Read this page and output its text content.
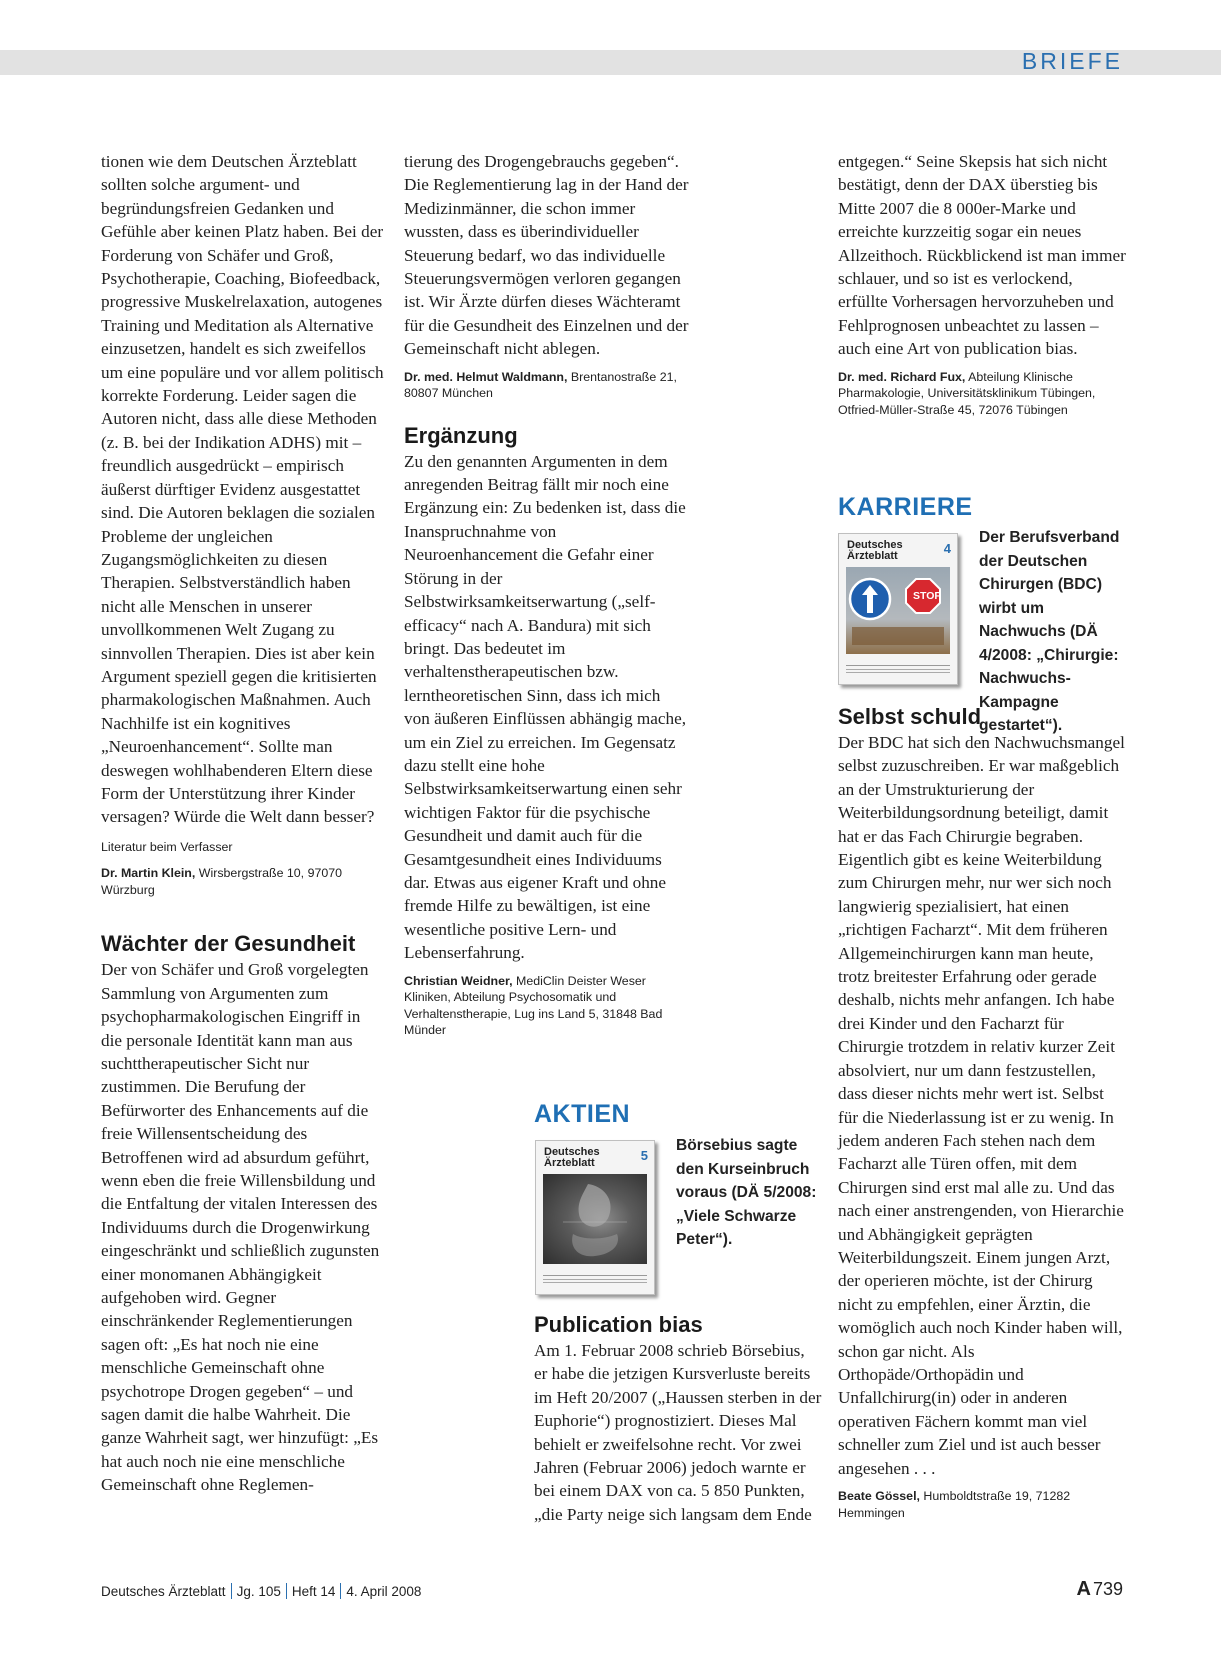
BRIEFE

tionen wie dem Deutschen Ärzteblatt sollten solche argument- und begründungsfreien Gedanken und Gefühle aber keinen Platz haben. Bei der Forderung von Schäfer und Groß, Psychotherapie, Coaching, Biofeedback, progressive Muskelrelaxation, autogenes Training und Meditation als Alternative einzusetzen, handelt es sich zweifellos um eine populäre und vor allem politisch korrekte Forderung. Leider sagen die Autoren nicht, dass alle diese Methoden (z. B. bei der Indikation ADHS) mit – freundlich ausgedrückt – empirisch äußerst dürftiger Evidenz ausgestattet sind. Die Autoren beklagen die sozialen Probleme der ungleichen Zugangsmöglichkeiten zu diesen Therapien. Selbstverständlich haben nicht alle Menschen in unserer unvollkommenen Welt Zugang zu sinnvollen Therapien. Dies ist aber kein Argument speziell gegen die kritisierten pharmakologischen Maßnahmen. Auch Nachhilfe ist ein kognitives „Neuroenhancement“. Sollte man deswegen wohlhabenderen Eltern diese Form der Unterstützung ihrer Kinder versagen? Würde die Welt dann besser?

Literatur beim Verfasser
Dr. Martin Klein, Wirsbergstraße 10, 97070 Würzburg
Wächter der Gesundheit

Der von Schäfer und Groß vorgelegten Sammlung von Argumenten zum psychopharmakologischen Eingriff in die personale Identität kann man aus suchttherapeutischer Sicht nur zustimmen. Die Berufung der Befürworter des Enhancements auf die freie Willensentscheidung des Betroffenen wird ad absurdum geführt, wenn eben die freie Willensbildung und die Entfaltung der vitalen Interessen des Individuums durch die Drogenwirkung eingeschränkt und schließlich zugunsten einer monomanen Abhängigkeit aufgehoben wird. Gegner einschränkender Reglementierungen sagen oft: „Es hat noch nie eine menschliche Gemeinschaft ohne psychotrope Drogen gegeben“ – und sagen damit die halbe Wahrheit. Die ganze Wahrheit sagt, wer hinzufügt: „Es hat auch noch nie eine menschliche Gemeinschaft ohne Reglemen-

tierung des Drogengebrauchs gegeben“. Die Reglementierung lag in der Hand der Medizinmänner, die schon immer wussten, dass es überindividueller Steuerung bedarf, wo das individuelle Steuerungsvermögen verloren gegangen ist. Wir Ärzte dürfen dieses Wächteramt für die Gesundheit des Einzelnen und der Gemeinschaft nicht ablegen.

Dr. med. Helmut Waldmann, Brentanostraße 21, 80807 München
Ergänzung

Zu den genannten Argumenten in dem anregenden Beitrag fällt mir noch eine Ergänzung ein: Zu bedenken ist, dass die Inanspruchnahme von Neuroenhancement die Gefahr einer Störung in der Selbstwirksamkeitserwartung („self-efficacy“ nach A. Bandura) mit sich bringt. Das bedeutet im verhaltenstherapeutischen bzw. lerntheoretischen Sinn, dass ich mich von äußeren Einflüssen abhängig mache, um ein Ziel zu erreichen. Im Gegensatz dazu stellt eine hohe Selbstwirksamkeitserwartung einen sehr wichtigen Faktor für die psychische Gesundheit und damit auch für die Gesamtgesundheit eines Individuums dar. Etwas aus eigener Kraft und ohne fremde Hilfe zu bewältigen, ist eine wesentliche positive Lern- und Lebenserfahrung.

Christian Weidner, MediClin Deister Weser Kliniken, Abteilung Psychosomatik und Verhaltenstherapie, Lug ins Land 5, 31848 Bad Münder
AKTIEN
Deutsches Ärzteblatt	5
Börsebius sagte den Kurseinbruch voraus (DÄ 5/2008: „Viele Schwarze Peter“).
Publication bias

Am 1. Februar 2008 schrieb Börsebius, er habe die jetzigen Kursverluste bereits im Heft 20/2007 („Haussen sterben in der Euphorie“) prognostiziert. Dieses Mal behielt er zweifelsohne recht. Vor zwei Jahren (Februar 2006) jedoch warnte er bei einem DAX von ca. 5 850 Punkten, „die Party neige sich langsam dem Ende

entgegen.“ Seine Skepsis hat sich nicht bestätigt, denn der DAX überstieg bis Mitte 2007 die 8 000er-Marke und erreichte kurzzeitig sogar ein neues Allzeithoch. Rückblickend ist man immer schlauer, und so ist es verlockend, erfüllte Vorhersagen hervorzuheben und Fehlprognosen unbeachtet zu lassen – auch eine Art von publication bias.

Dr. med. Richard Fux, Abteilung Klinische Pharmakologie, Universitätsklinikum Tübingen, Otfried-Müller-Straße 45, 72076 Tübingen
KARRIERE
Deutsches Ärzteblatt	4
STOP
Der Berufsverband der Deutschen Chirurgen (BDC) wirbt um Nachwuchs (DÄ 4/2008: „Chirurgie: Nachwuchs-Kampagne gestartet“).
Selbst schuld

Der BDC hat sich den Nachwuchsmangel selbst zuzuschreiben. Er war maßgeblich an der Umstrukturierung der Weiterbildungsordnung beteiligt, damit hat er das Fach Chirurgie begraben. Eigentlich gibt es keine Weiterbildung zum Chirurgen mehr, nur wer sich noch langwierig spezialisiert, hat einen „richtigen Facharzt“. Mit dem früheren Allgemeinchirurgen kann man heute, trotz breitester Erfahrung oder gerade deshalb, nichts mehr anfangen. Ich habe drei Kinder und den Facharzt für Chirurgie trotzdem in relativ kurzer Zeit absolviert, nur um dann festzustellen, dass dieser nichts mehr wert ist. Selbst für die Niederlassung ist er zu wenig. In jedem anderen Fach stehen nach dem Facharzt alle Türen offen, mit dem Chirurgen sind erst mal alle zu. Und das nach einer anstrengenden, von Hierarchie und Abhängigkeit geprägten Weiterbildungszeit. Einem jungen Arzt, der operieren möchte, ist der Chirurg nicht zu empfehlen, einer Ärztin, die womöglich auch noch Kinder haben will, schon gar nicht. Als Orthopäde/Orthopädin und Unfallchirurg(in) oder in anderen operativen Fächern kommt man viel schneller zum Ziel und ist auch besser angesehen . . .

Beate Gössel, Humboldtstraße 19, 71282 Hemmingen
Deutsches Ärzteblatt Jg. 105 Heft 14 4. April 2008	A 739
